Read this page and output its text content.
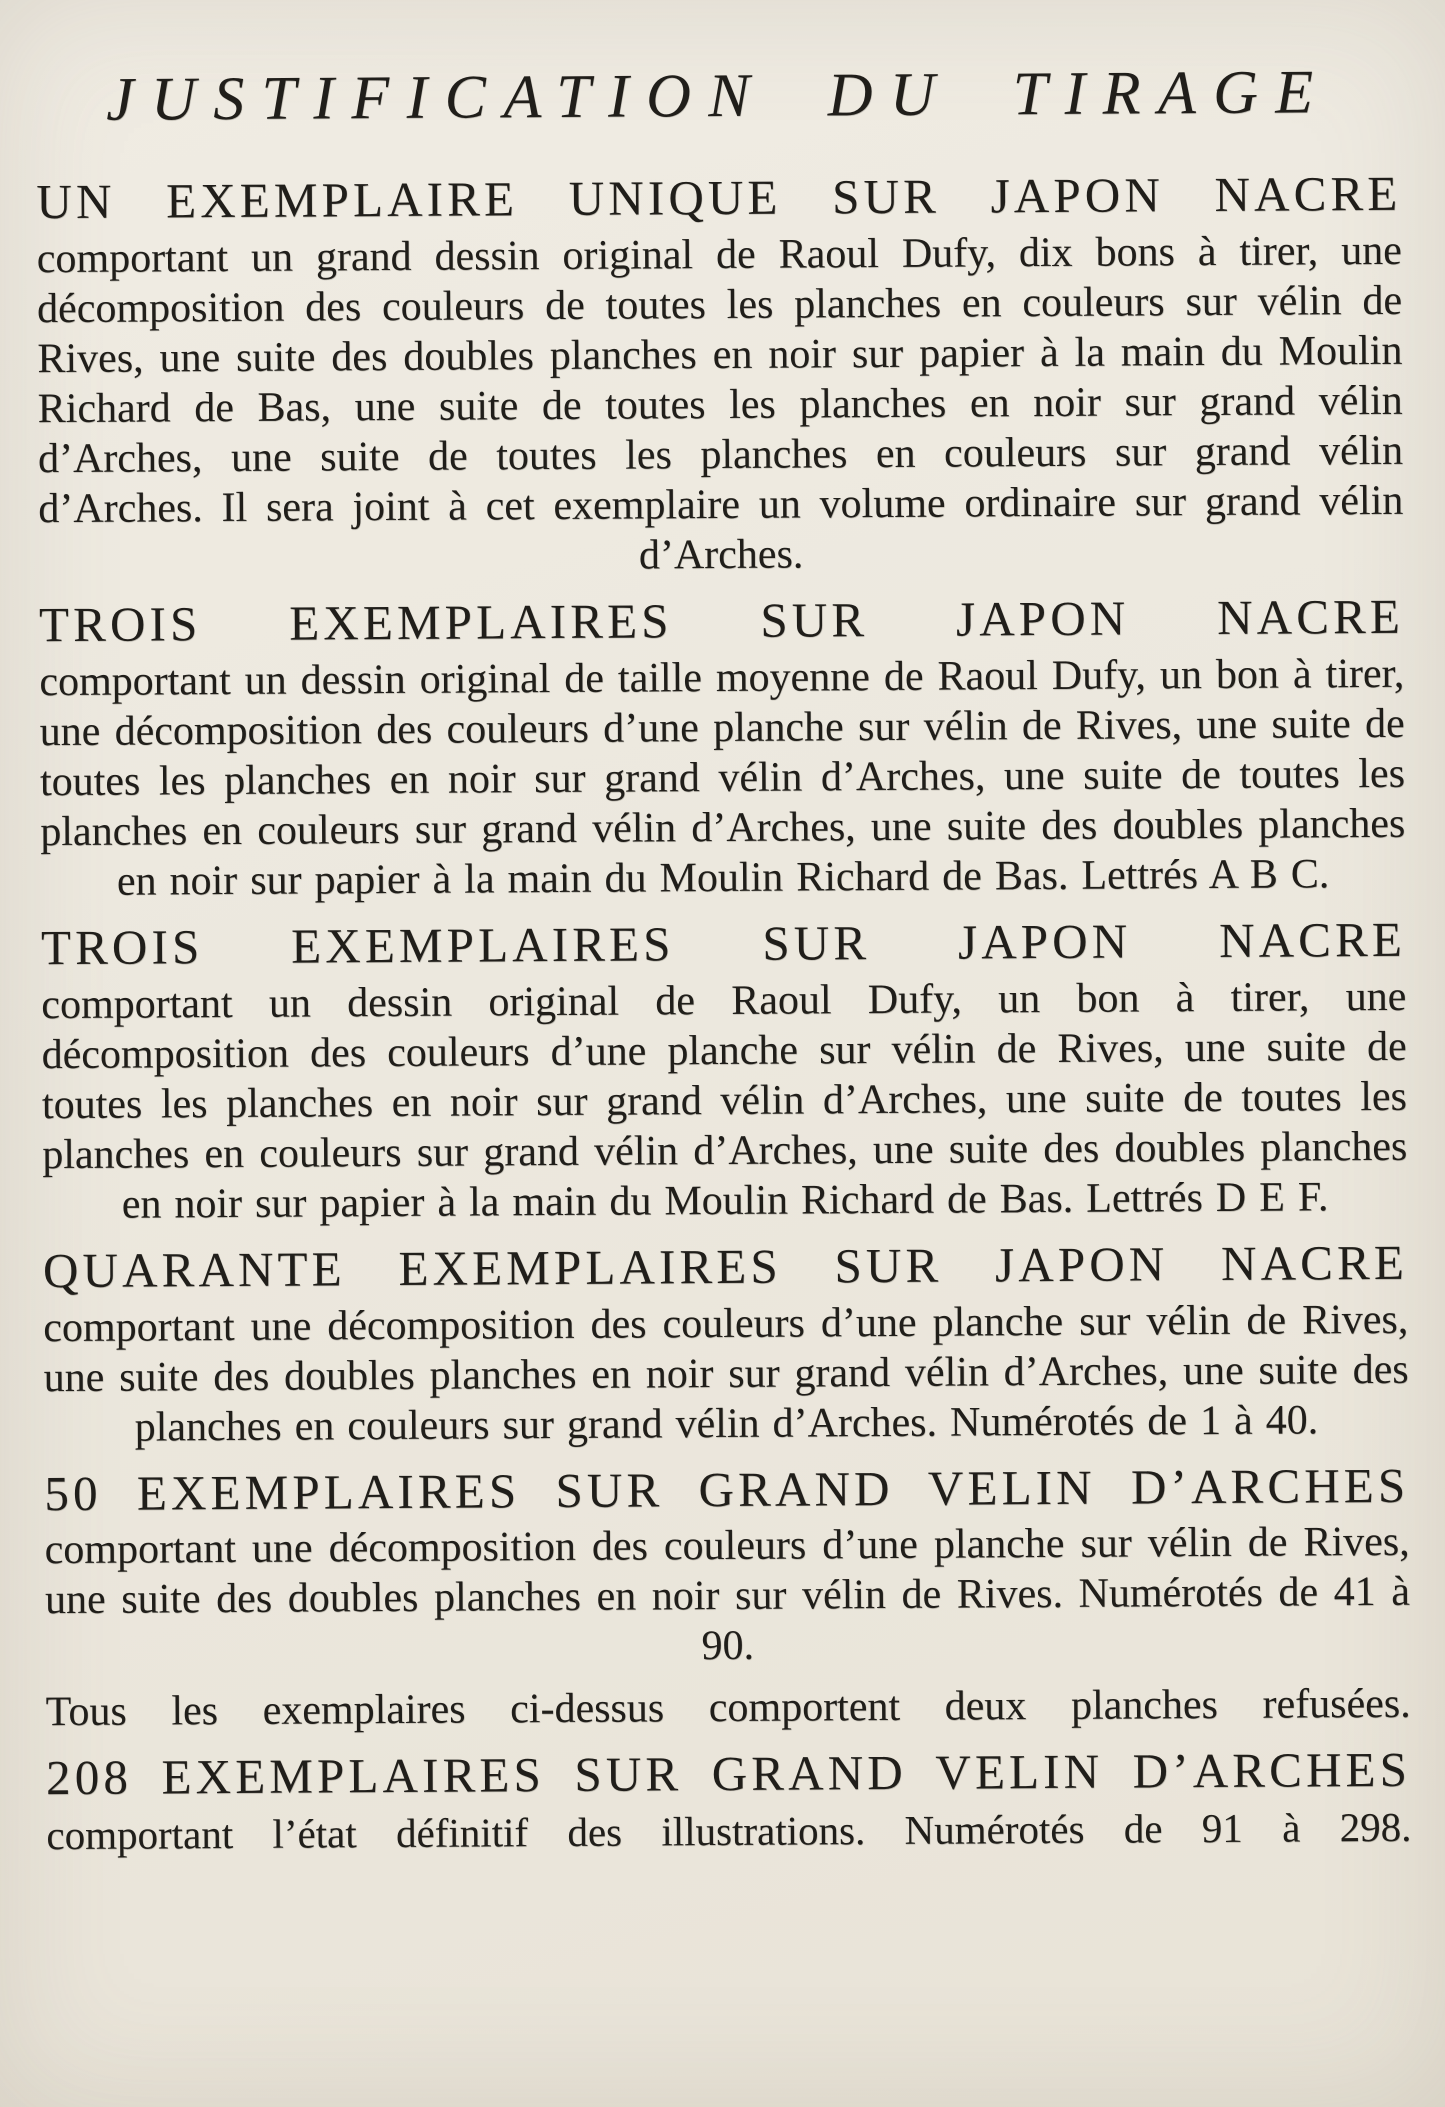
JUSTIFICATION DU TIRAGE
UN EXEMPLAIRE UNIQUE SUR JAPON NACRE

comportant un grand dessin original de Raoul Dufy, dix bons à tirer, une décomposition des couleurs de toutes les planches en couleurs sur vélin de Rives, une suite des doubles planches en noir sur papier à la main du Moulin Richard de Bas, une suite de toutes les planches en noir sur grand vélin d’Arches, une suite de toutes les planches en couleurs sur grand vélin d’Arches. Il sera joint à cet exemplaire un volume ordinaire sur grand vélin d’Arches.

TROIS EXEMPLAIRES SUR JAPON NACRE

comportant un dessin original de taille moyenne de Raoul Dufy, un bon à tirer, une décomposition des couleurs d’une planche sur vélin de Rives, une suite de toutes les planches en noir sur grand vélin d’Arches, une suite de toutes les planches en couleurs sur grand vélin d’Arches, une suite des doubles planches en noir sur papier à la main du Moulin Richard de Bas. Lettrés A B C.

TROIS EXEMPLAIRES SUR JAPON NACRE

comportant un dessin original de Raoul Dufy, un bon à tirer, une décomposition des couleurs d’une planche sur vélin de Rives, une suite de toutes les planches en noir sur grand vélin d’Arches, une suite de toutes les planches en couleurs sur grand vélin d’Arches, une suite des doubles planches en noir sur papier à la main du Moulin Richard de Bas. Lettrés D E F.

QUARANTE EXEMPLAIRES SUR JAPON NACRE

comportant une décomposition des couleurs d’une planche sur vélin de Rives, une suite des doubles planches en noir sur grand vélin d’Arches, une suite des planches en couleurs sur grand vélin d’Arches. Numérotés de 1 à 40.

50 EXEMPLAIRES SUR GRAND VELIN D’ARCHES

comportant une décomposition des couleurs d’une planche sur vélin de Rives, une suite des doubles planches en noir sur vélin de Rives. Numérotés de 41 à 90.

Tous les exemplaires ci-dessus comportent deux planches refusées.

208 EXEMPLAIRES SUR GRAND VELIN D’ARCHES

comportant l’état définitif des illustrations. Numérotés de 91 à 298.
